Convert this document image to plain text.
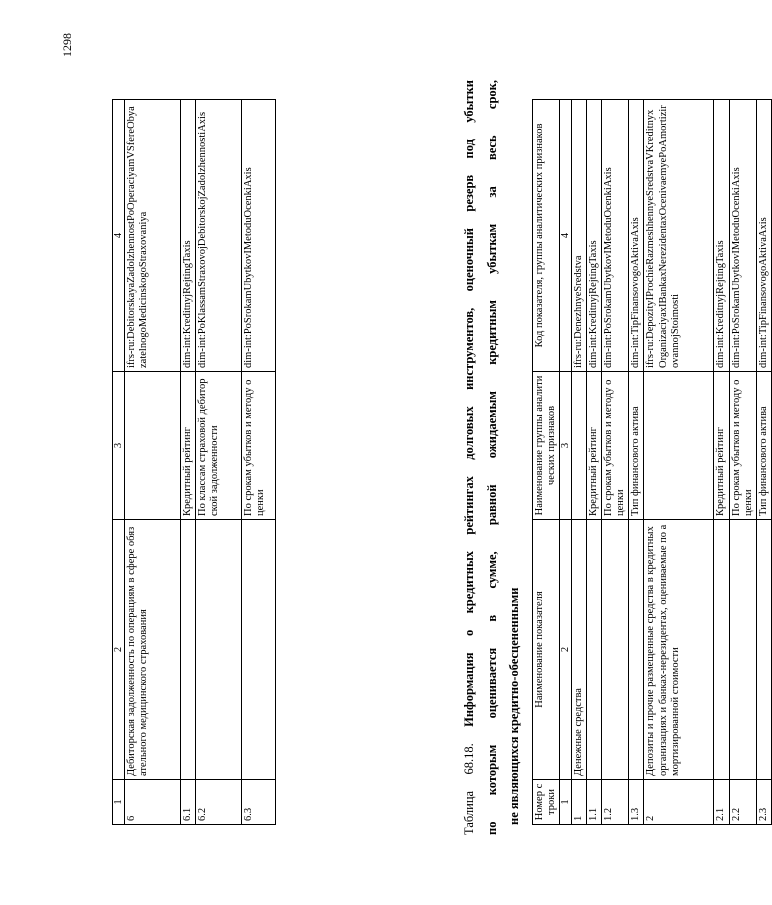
1	2	3	4
6	Дебиторская задолженность по операциям в сфере обязательного медицинского страхования		ifrs-ru:DebitorskayaZadolzhennostPoOperaciyamVSfereObyazatelnogoMedicinskogoStraxovaniya
6.1		Кредитный рейтинг	dim-int:KreditnyjRejtingTaxis
6.2		По классам страховой дебиторской задолженности	dim-int:PoKlassamStraxovojDebitorskojZadolzhennostiAxis
6.3		По срокам убытков и методу оценки	dim-int:PoSrokamUbytkovIMetoduOcenkiAxis
Таблица 68.18. Информация о кредитных рейтингах долговых инструментов, оценочный резерв под убытки по которым оценивается в сумме, равной ожидаемым кредитным убыткам за весь срок, не являющихся кредитно-обесцененными Номер строки	Наименование показателя	Наименование группы аналитических признаков	Код показателя, группы аналитических признаков
1	2	3	4
1	Денежные средства		ifrs-ru:DenezhnyeSredstva
1.1		Кредитный рейтинг	dim-int:KreditnyjRejtingTaxis
1.2		По срокам убытков и методу оценки	dim-int:PoSrokamUbytkovIMetoduOcenkiAxis
1.3		Тип финансового актива	dim-int:TipFinansovogoAktivaAxis
2	Депозиты и прочие размещенные средства в кредитных организациях и банках-нерезидентах, оцениваемые по амортизированной стоимости		ifrs-ru:DepozityIProchieRazmeshhennyeSredstvaVKreditnyxOrganizaciyaxIBankaxNerezidentaxOcenivaemyePoAmortizirovannojStoimosti
2.1		Кредитный рейтинг	dim-int:KreditnyjRejtingTaxis
2.2		По срокам убытков и методу оценки	dim-int:PoSrokamUbytkovIMetoduOcenkiAxis
2.3		Тип финансового актива	dim-int:TipFinansovogoAktivaAxis
1298
